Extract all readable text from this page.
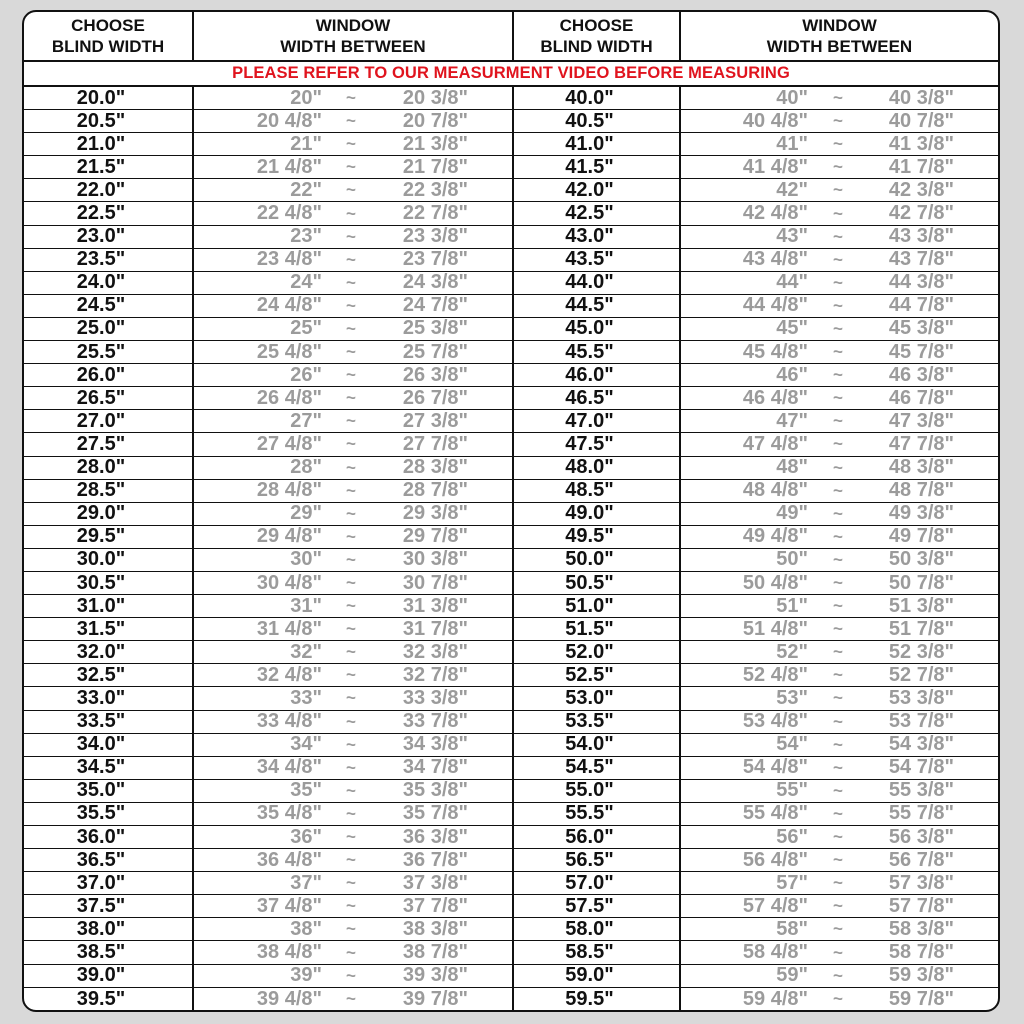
CHOOSE
BLIND WIDTH
WINDOW
WIDTH BETWEEN
CHOOSE
BLIND WIDTH
WINDOW
WIDTH BETWEEN
PLEASE REFER TO OUR MEASURMENT VIDEO BEFORE MEASURING
20.0"	20" ~ 20 3/8"	40.0"	40" ~ 40 3/8"
20.5"	20 4/8" ~ 20 7/8"	40.5"	40 4/8" ~ 40 7/8"
21.0"	21" ~ 21 3/8"	41.0"	41" ~ 41 3/8"
21.5"	21 4/8" ~ 21 7/8"	41.5"	41 4/8" ~ 41 7/8"
22.0"	22" ~ 22 3/8"	42.0"	42" ~ 42 3/8"
22.5"	22 4/8" ~ 22 7/8"	42.5"	42 4/8" ~ 42 7/8"
23.0"	23" ~ 23 3/8"	43.0"	43" ~ 43 3/8"
23.5"	23 4/8" ~ 23 7/8"	43.5"	43 4/8" ~ 43 7/8"
24.0"	24" ~ 24 3/8"	44.0"	44" ~ 44 3/8"
24.5"	24 4/8" ~ 24 7/8"	44.5"	44 4/8" ~ 44 7/8"
25.0"	25" ~ 25 3/8"	45.0"	45" ~ 45 3/8"
25.5"	25 4/8" ~ 25 7/8"	45.5"	45 4/8" ~ 45 7/8"
26.0"	26" ~ 26 3/8"	46.0"	46" ~ 46 3/8"
26.5"	26 4/8" ~ 26 7/8"	46.5"	46 4/8" ~ 46 7/8"
27.0"	27" ~ 27 3/8"	47.0"	47" ~ 47 3/8"
27.5"	27 4/8" ~ 27 7/8"	47.5"	47 4/8" ~ 47 7/8"
28.0"	28" ~ 28 3/8"	48.0"	48" ~ 48 3/8"
28.5"	28 4/8" ~ 28 7/8"	48.5"	48 4/8" ~ 48 7/8"
29.0"	29" ~ 29 3/8"	49.0"	49" ~ 49 3/8"
29.5"	29 4/8" ~ 29 7/8"	49.5"	49 4/8" ~ 49 7/8"
30.0"	30" ~ 30 3/8"	50.0"	50" ~ 50 3/8"
30.5"	30 4/8" ~ 30 7/8"	50.5"	50 4/8" ~ 50 7/8"
31.0"	31" ~ 31 3/8"	51.0"	51" ~ 51 3/8"
31.5"	31 4/8" ~ 31 7/8"	51.5"	51 4/8" ~ 51 7/8"
32.0"	32" ~ 32 3/8"	52.0"	52" ~ 52 3/8"
32.5"	32 4/8" ~ 32 7/8"	52.5"	52 4/8" ~ 52 7/8"
33.0"	33" ~ 33 3/8"	53.0"	53" ~ 53 3/8"
33.5"	33 4/8" ~ 33 7/8"	53.5"	53 4/8" ~ 53 7/8"
34.0"	34" ~ 34 3/8"	54.0"	54" ~ 54 3/8"
34.5"	34 4/8" ~ 34 7/8"	54.5"	54 4/8" ~ 54 7/8"
35.0"	35" ~ 35 3/8"	55.0"	55" ~ 55 3/8"
35.5"	35 4/8" ~ 35 7/8"	55.5"	55 4/8" ~ 55 7/8"
36.0"	36" ~ 36 3/8"	56.0"	56" ~ 56 3/8"
36.5"	36 4/8" ~ 36 7/8"	56.5"	56 4/8" ~ 56 7/8"
37.0"	37" ~ 37 3/8"	57.0"	57" ~ 57 3/8"
37.5"	37 4/8" ~ 37 7/8"	57.5"	57 4/8" ~ 57 7/8"
38.0"	38" ~ 38 3/8"	58.0"	58" ~ 58 3/8"
38.5"	38 4/8" ~ 38 7/8"	58.5"	58 4/8" ~ 58 7/8"
39.0"	39" ~ 39 3/8"	59.0"	59" ~ 59 3/8"
39.5"	39 4/8" ~ 39 7/8"	59.5"	59 4/8" ~ 59 7/8"
